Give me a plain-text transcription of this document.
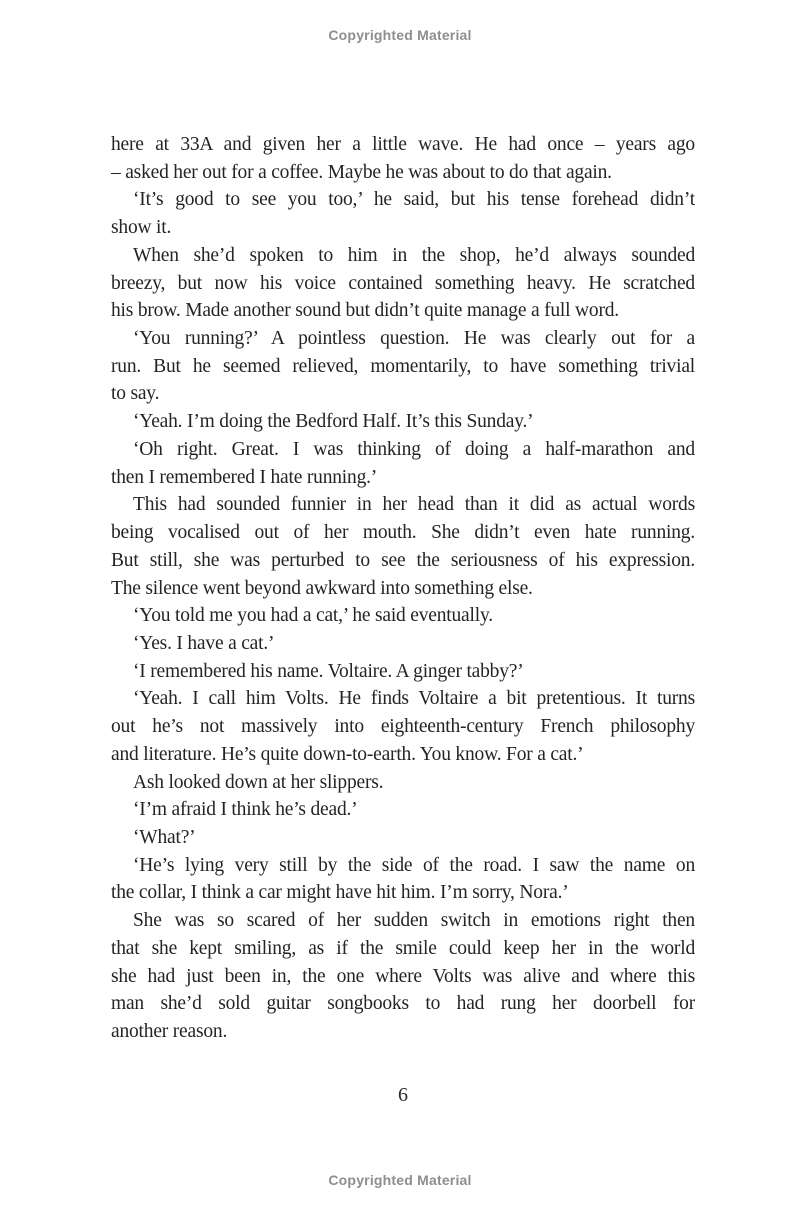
Copyrighted Material
here at 33A and given her a little wave. He had once – years ago
– asked her out for a coffee. Maybe he was about to do that again.
‘It’s good to see you too,’ he said, but his tense forehead didn’t
show it.
When she’d spoken to him in the shop, he’d always sounded
breezy, but now his voice contained something heavy. He scratched
his brow. Made another sound but didn’t quite manage a full word.
‘You running?’ A pointless question. He was clearly out for a
run. But he seemed relieved, momentarily, to have something trivial
to say.
‘Yeah. I’m doing the Bedford Half. It’s this Sunday.’
‘Oh right. Great. I was thinking of doing a half-marathon and
then I remembered I hate running.’
This had sounded funnier in her head than it did as actual words
being vocalised out of her mouth. She didn’t even hate running.
But still, she was perturbed to see the seriousness of his expression.
The silence went beyond awkward into something else.
‘You told me you had a cat,’ he said eventually.
‘Yes. I have a cat.’
‘I remembered his name. Voltaire. A ginger tabby?’
‘Yeah. I call him Volts. He finds Voltaire a bit pretentious. It turns
out he’s not massively into eighteenth-century French philosophy
and literature. He’s quite down-to-earth. You know. For a cat.’
Ash looked down at her slippers.
‘I’m afraid I think he’s dead.’
‘What?’
‘He’s lying very still by the side of the road. I saw the name on
the collar, I think a car might have hit him. I’m sorry, Nora.’
She was so scared of her sudden switch in emotions right then
that she kept smiling, as if the smile could keep her in the world
she had just been in, the one where Volts was alive and where this
man she’d sold guitar songbooks to had rung her doorbell for
another reason.
6
Copyrighted Material
